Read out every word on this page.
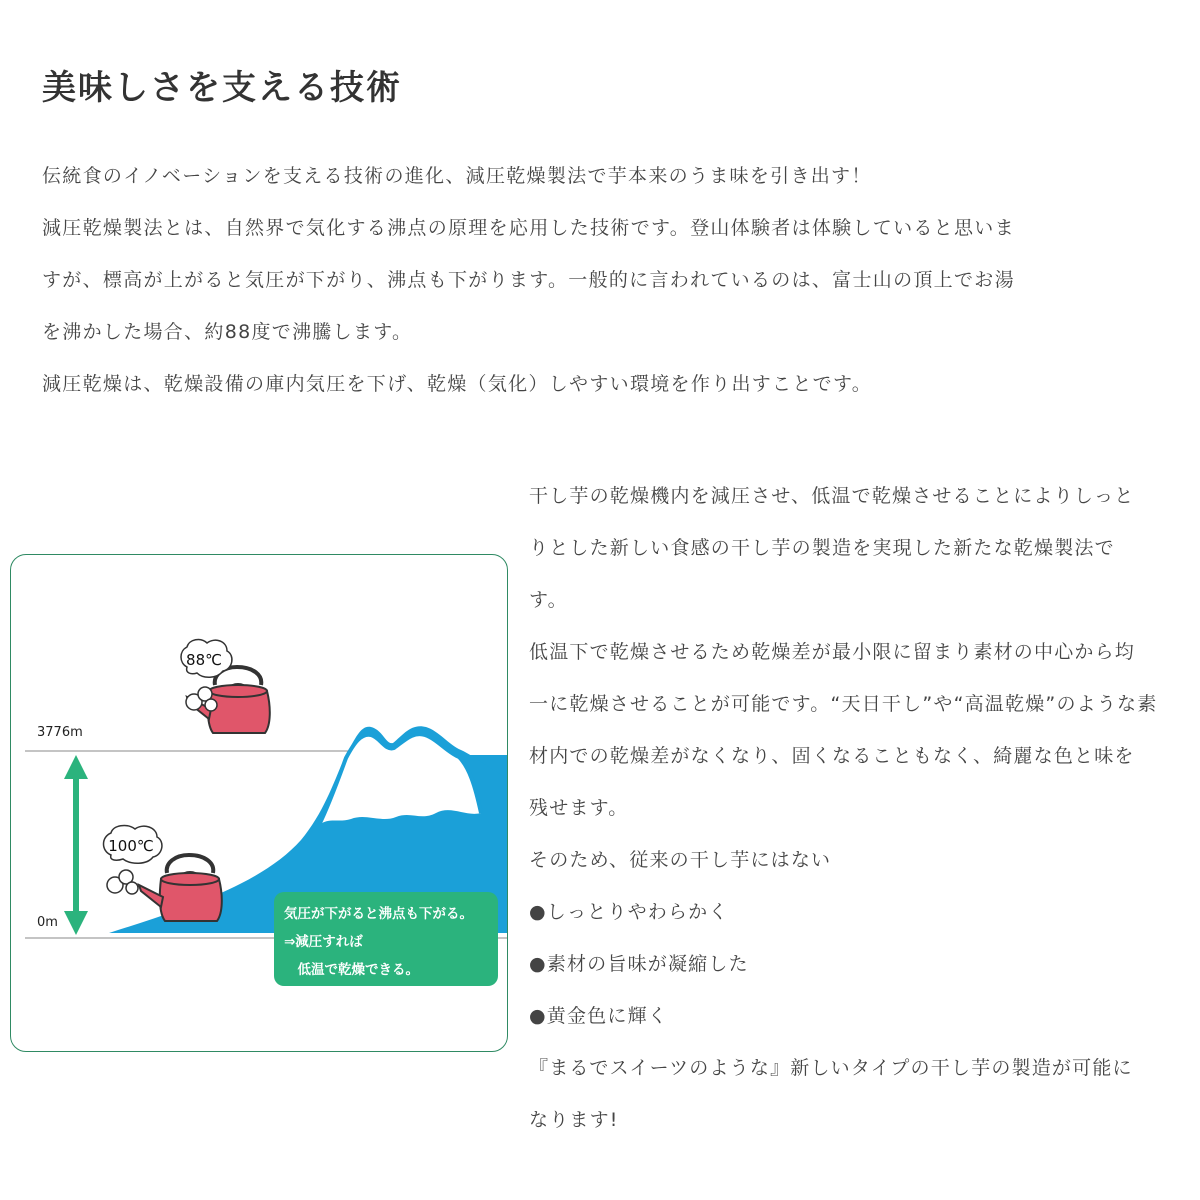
美味しさを支える技術
伝統食のイノベーションを支える技術の進化、減圧乾燥製法で芋本来のうま味を引き出す！
減圧乾燥製法とは、自然界で気化する沸点の原理を応用した技術です。登山体験者は体験していると思いま
すが、標高が上がると気圧が下がり、沸点も下がります。一般的に言われているのは、富士山の頂上でお湯
を沸かした場合、約88度で沸騰します。
減圧乾燥は、乾燥設備の庫内気圧を下げ、乾燥（気化）しやすい環境を作り出すことです。
88℃
100℃
3776m
0m
気圧が下がると沸点も下がる。
⇒減圧すれば
　低温で乾燥できる。
干し芋の乾燥機内を減圧させ、低温で乾燥させることによりしっと
りとした新しい食感の干し芋の製造を実現した新たな乾燥製法で
す。
低温下で乾燥させるため乾燥差が最小限に留まり素材の中心から均
一に乾燥させることが可能です。“天日干し”や“高温乾燥”のような素
材内での乾燥差がなくなり、固くなることもなく、綺麗な色と味を
残せます。
そのため、従来の干し芋にはない
●しっとりやわらかく
●素材の旨味が凝縮した
●黄金色に輝く
『まるでスイーツのような』新しいタイプの干し芋の製造が可能に
なります!
